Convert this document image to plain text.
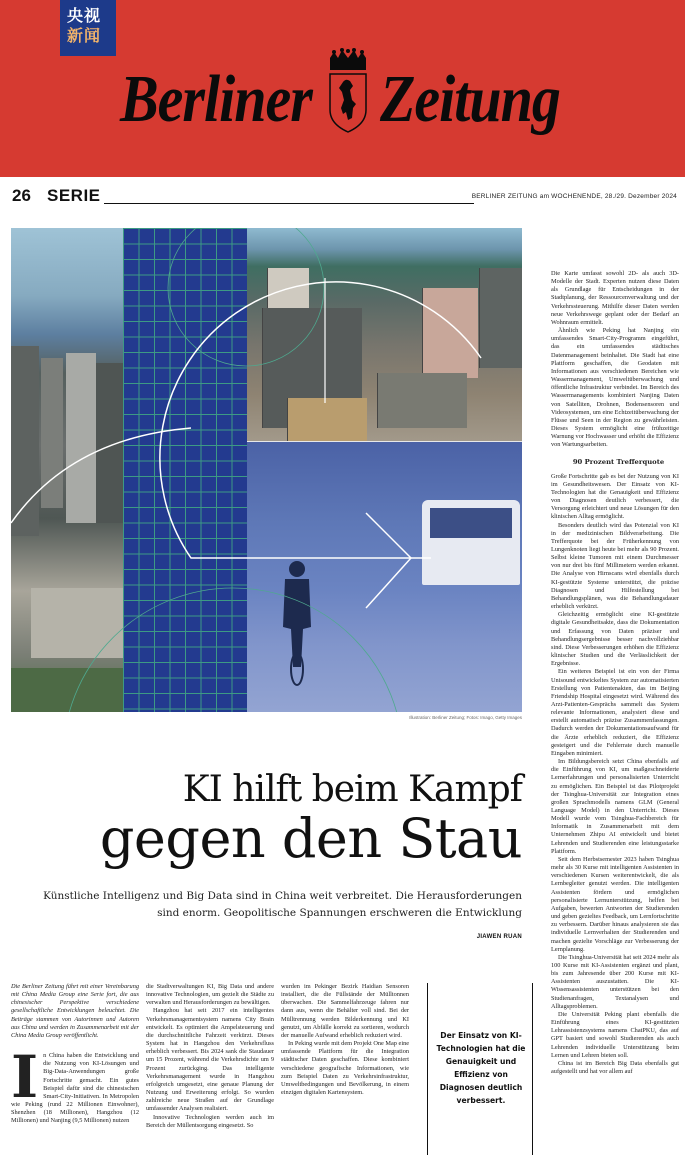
央视
新闻
Berliner Zeitung
26 SERIE	BERLINER ZEITUNG am WOCHENENDE, 28./29. Dezember 2024
Illustration: Berliner Zeitung; Fotos: Imago, Getty Images
KI hilft beim Kampf
gegen den Stau
Künstliche Intelligenz und Big Data sind in China weit verbreitet. Die Herausforderungen sind enorm. Geopolitische Spannungen erschweren die Entwicklung
JIAWEN RUAN

Die Berliner Zeitung führt mit einer Vereinbarung mit China Media Group eine Serie fort, die aus chinesischer Perspektive verschiedene gesellschaftliche Entwicklungen beleuchtet. Die Beiträge stammen von Autorinnen und Autoren aus China und werden in Zusammenarbeit mit der China Media Group veröffentlicht.

I n China haben die Entwicklung und die Nutzung von KI-Lösungen und Big-Data-Anwendungen große Fortschritte gemacht. Ein gutes Beispiel dafür sind die chinesischen Smart-City-Initiativen. In Metropolen wie Peking (rund 22 Millionen Einwohner), Shenzhen (18 Millionen), Hangzhou (12 Millionen) und Nanjing (9,5 Millionen) nutzen

die Stadtverwaltungen KI, Big Data und andere innovative Technologien, um gezielt die Städte zu verwalten und Herausforderungen zu bewältigen.

Hangzhou hat seit 2017 ein intelligentes Verkehrsmanagementsystem namens City Brain entwickelt. Es optimiert die Ampelsteuerung und die durchschnittliche Fahrzeit verkürzt. Dieses System hat in Hangzhou den Verkehrsfluss erheblich verbessert. Bis 2024 sank die Staudauer um 15 Prozent, während die Verkehrsdichte um 9 Prozent zurückging. Das intelligente Verkehrsmanagement wurde in Hangzhou erfolgreich umgesetzt, eine genaue Planung der Nutzung und Erweiterung erfolgt. So wurden zahlreiche neue Straßen auf der Grundlage umfassender Analysen realisiert.

Innovative Technologien werden auch im Bereich der Müllentsorgung eingesetzt. So

wurden im Pekinger Bezirk Haidian Sensoren installiert, die die Füllstände der Mülltonnen überwachen. Die Sammelfahrzeuge fahren nur dann aus, wenn die Behälter voll sind. Bei der Mülltrennung werden Bilderkennung und KI genutzt, um Abfälle korrekt zu sortieren, wodurch der manuelle Aufwand erheblich reduziert wird.

In Peking wurde mit dem Projekt One Map eine umfassende Plattform für die Integration städtischer Daten geschaffen. Diese kombiniert verschiedene geografische Informationen, wie zum Beispiel Daten zu Verkehrsinfrastruktur, Umweltbedingungen und Bevölkerung, in einem einzigen digitalen Kartensystem.

Der Einsatz von KI-Technologien hat die Genauigkeit und Effizienz von Diagnosen deutlich verbessert.

Die Karte umfasst sowohl 2D- als auch 3D-Modelle der Stadt. Experten nutzen diese Daten als Grundlage für Entscheidungen in der Stadtplanung, der Ressourcenverwaltung und der Verkehrssteuerung. Mithilfe dieser Daten werden neue Verkehrswege geplant oder der Bedarf an Wohnraum ermittelt.

Ähnlich wie Peking hat Nanjing ein umfassendes Smart-City-Programm eingeführt, das ein umfassendes städtisches Datenmanagement beinhaltet. Die Stadt hat eine Plattform geschaffen, die Geodaten mit Informationen aus verschiedenen Bereichen wie Wassermanagement, Umweltüberwachung und öffentliche Infrastruktur verbindet. Im Bereich des Wassermanagements kombiniert Nanjing Daten von Satelliten, Drohnen, Bodensensoren und Videosystemen, um eine Echtzeitüberwachung der Flüsse und Seen in der Region zu gewährleisten. Dieses System ermöglicht eine frühzeitige Warnung vor Hochwasser und erhöht die Effizienz von Wartungsarbeiten.

90 Prozent Trefferquote

Große Fortschritte gab es bei der Nutzung von KI im Gesundheitswesen. Der Einsatz von KI-Technologien hat die Genauigkeit und Effizienz von Diagnosen deutlich verbessert, die Versorgung erleichtert und neue Lösungen für den klinischen Alltag ermöglicht.

Besonders deutlich wird das Potenzial von KI in der medizinischen Bildverarbeitung. Die Trefferquote bei der Früherkennung von Lungenknoten liegt heute bei mehr als 90 Prozent. Selbst kleine Tumoren mit einem Durchmesser von nur drei bis fünf Millimetern werden erkannt. Die Analyse von Hirnscans wird ebenfalls durch KI-gestützte Systeme unterstützt, die präzise Diagnosen und Hilfestellung bei Behandlungsplänen, was die Behandlungsdauer erheblich verkürzt.

Gleichzeitig ermöglicht eine KI-gestützte digitale Gesundheitsakte, dass die Dokumentation und Erfassung von Daten präziser und Behandlungsergebnisse besser nachvollziehbar sind. Diese Verbesserungen erhöhen die Effizienz klinischer Studien und die Verlässlichkeit der Ergebnisse.

Ein weiteres Beispiel ist ein von der Firma Unisound entwickeltes System zur automatisierten Erstellung von Patientenakten, das im Beijing Friendship Hospital eingesetzt wird. Während des Arzt-Patienten-Gesprächs sammelt das System relevante Informationen, analysiert diese und erstellt automatisch präzise Zusammenfassungen. Dadurch werden der Dokumentationsaufwand für die Ärzte erheblich reduziert, die Effizienz gesteigert und die Fehlerrate durch manuelle Eingaben minimiert.

Im Bildungsbereich setzt China ebenfalls auf die Einführung von KI, um maßgeschneiderte Lernerfahrungen und personalisierten Unterricht zu ermöglichen. Ein Beispiel ist das Pilotprojekt der Tsinghua-Universität zur Integration eines großen Sprachmodells namens GLM (General Language Model) in den Unterricht. Dieses Modell wurde vom Tsinghua-Fachbereich für Informatik in Zusammenarbeit mit dem Unternehmen Zhipu AI entwickelt und bietet Lehrenden und Studierenden eine leistungsstarke Plattform.

Seit dem Herbstsemester 2023 haben Tsinghua mehr als 30 Kurse mit intelligenten Assistenten in verschiedenen Kursen weiterentwickelt, die als Lernbegleiter genutzt werden. Die intelligenten Assistenten fördern und ermöglichen personalisierte Lernunterstützung, helfen bei Aufgaben, bewerten Antworten der Studierenden und geben gezieltes Feedback, um Lernfortschritte zu verbessern. Darüber hinaus analysieren sie das individuelle Lernverhalten der Studierenden und machen gezielte Vorschläge zur Verbesserung der Lernplanung.

Die Tsinghua-Universität hat seit 2024 mehr als 100 Kurse mit KI-Assistenten ergänzt und plant, bis zum Jahresende über 200 Kurse mit KI-Assistenten auszustatten. Die KI-Wissensassistenten unterstützen bei den Studienanfragen, Textanalysen und Alltagsproblemen.

Die Universität Peking plant ebenfalls die Einführung eines KI-gestützten Lehrassistenzsystems namens ChatPKU, das auf GPT basiert und sowohl Studierenden als auch Lehrenden individuelle Unterstützung beim Lernen und Lehren bieten soll.

China ist im Bereich Big Data ebenfalls gut aufgestellt und hat vor allem auf
